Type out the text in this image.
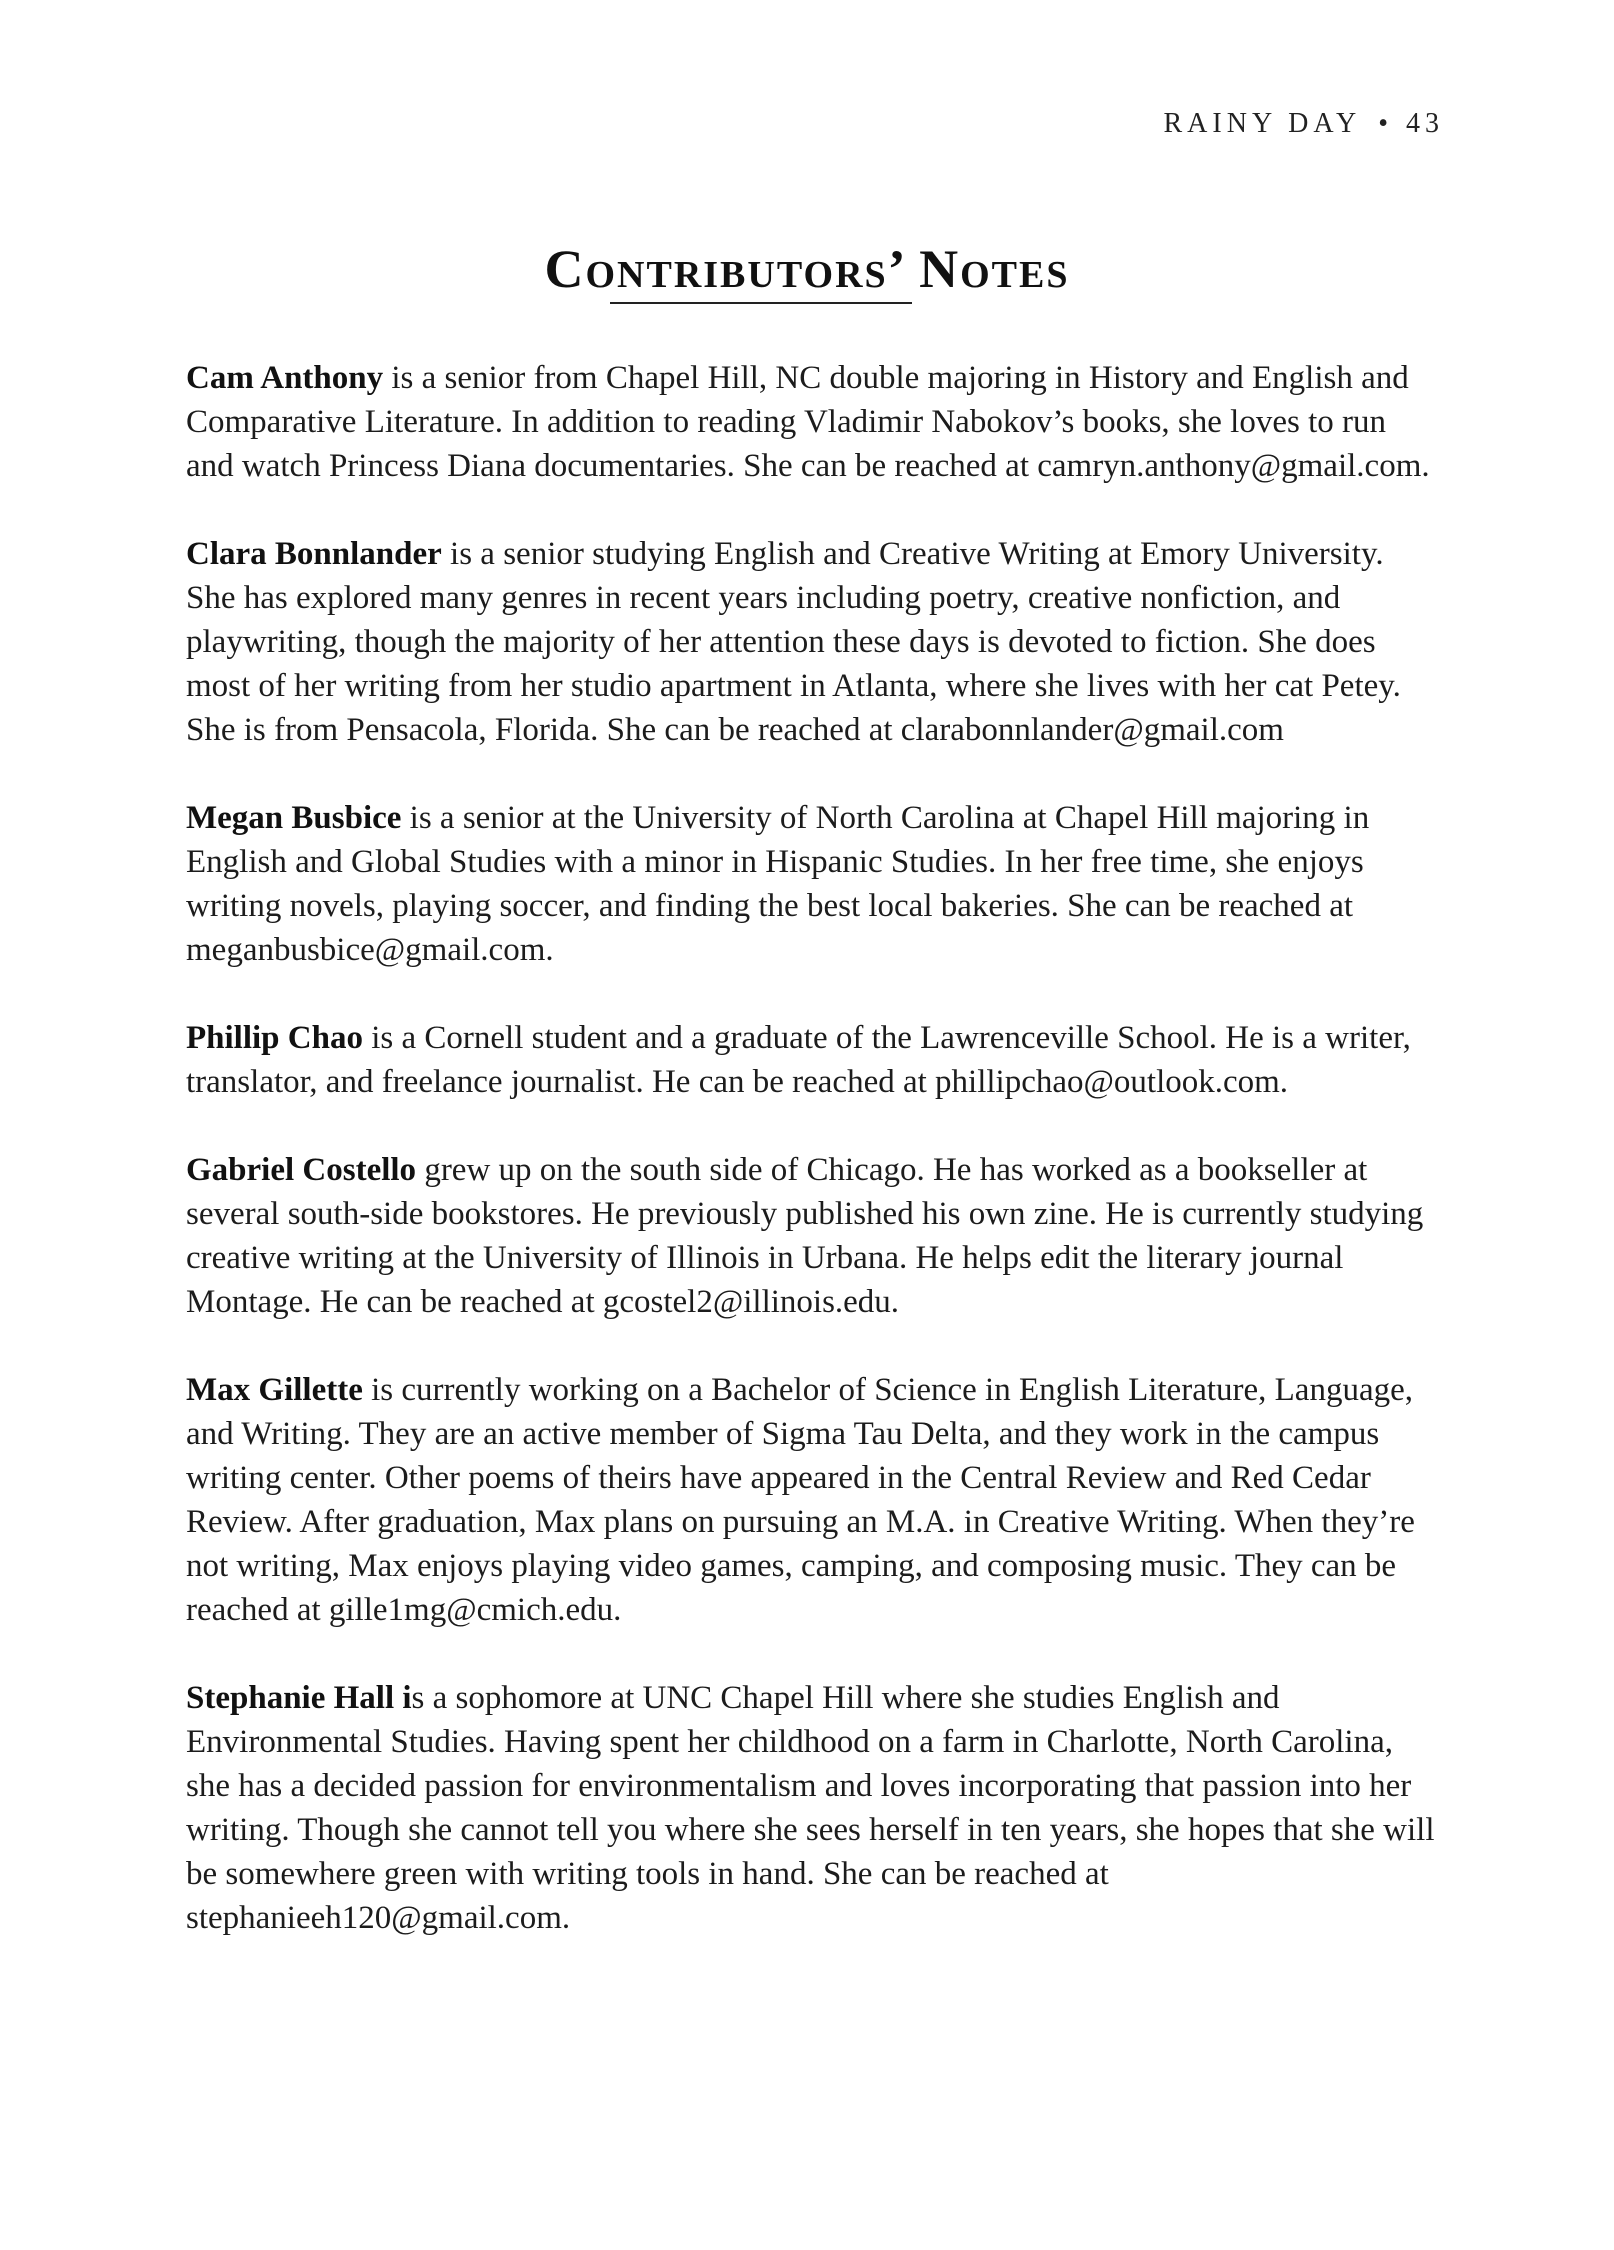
RAINY DAY • 43
Contributors’ Notes

Cam Anthony is a senior from Chapel Hill, NC double majoring in History and English and Comparative Literature. In addition to reading Vladimir Nabokov’s books, she loves to run and watch Princess Diana documentaries. She can be reached at camryn.anthony@gmail.com.

Clara Bonnlander is a senior studying English and Creative Writing at Emory University. She has explored many genres in recent years including poetry, creative nonfiction, and playwriting, though the majority of her attention these days is devoted to fiction. She does most of her writing from her studio apartment in Atlanta, where she lives with her cat Petey. She is from Pensacola, Florida. She can be reached at clarabonnlander@gmail.com

Megan Busbice is a senior at the University of North Carolina at Chapel Hill majoring in English and Global Studies with a minor in Hispanic Studies. In her free time, she enjoys writing novels, playing soccer, and finding the best local bakeries. She can be reached at meganbusbice@gmail.com.

Phillip Chao is a Cornell student and a graduate of the Lawrenceville School. He is a writer, translator, and freelance journalist. He can be reached at phillipchao@outlook.com.

Gabriel Costello grew up on the south side of Chicago. He has worked as a bookseller at several south-side bookstores. He previously published his own zine. He is currently studying creative writing at the University of Illinois in Urbana. He helps edit the literary journal Montage. He can be reached at gcostel2@illinois.edu.

Max Gillette is currently working on a Bachelor of Science in English Literature, Language, and Writing. They are an active member of Sigma Tau Delta, and they work in the campus writing center. Other poems of theirs have appeared in the Central Review and Red Cedar Review. After graduation, Max plans on pursuing an M.A. in Creative Writing. When they’re not writing, Max enjoys playing video games, camping, and composing music. They can be reached at gille1mg@cmich.edu.

Stephanie Hall is a sophomore at UNC Chapel Hill where she studies English and Environmental Studies. Having spent her childhood on a farm in Charlotte, North Carolina, she has a decided passion for environmentalism and loves incorporating that passion into her writing. Though she cannot tell you where she sees herself in ten years, she hopes that she will be somewhere green with writing tools in hand. She can be reached at stephanieeh120@gmail.com.
